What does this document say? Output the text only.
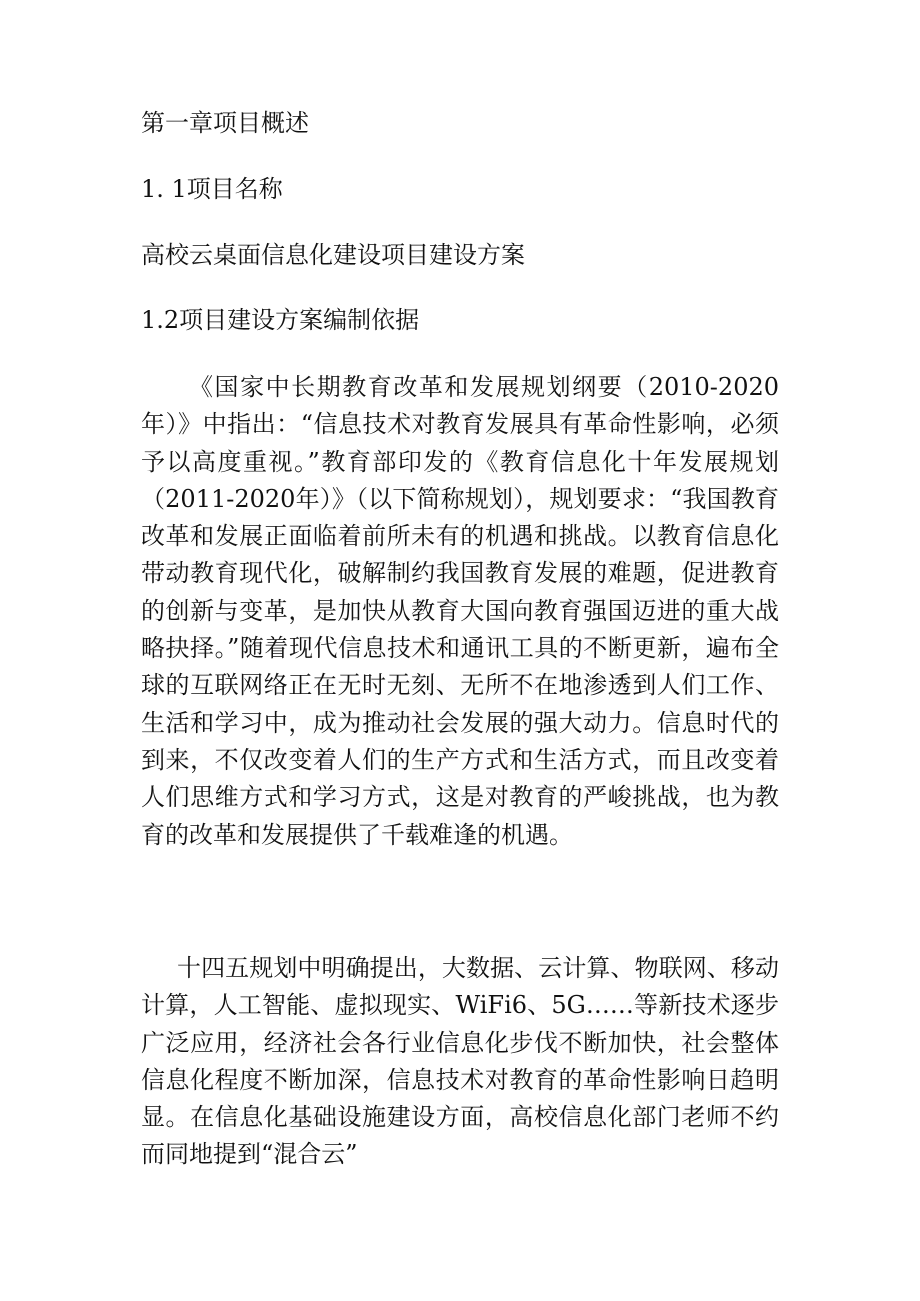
第一章项目概述
1. 1项目名称

高校云桌面信息化建设项目建设方案

1.2项目建设方案编制依据

《国家中长期教育改革和发展规划纲要（2010-2020年）》中指出：“信息技术对教育发展具有革命性影响，必须予以高度重视。”教育部印发的《教育信息化十年发展规划（2011-2020年）》（以下简称规划），规划要求：“我国教育改革和发展正面临着前所未有的机遇和挑战。以教育信息化带动教育现代化，破解制约我国教育发展的难题，促进教育的创新与变革，是加快从教育大国向教育强国迈进的重大战略抉择。”随着现代信息技术和通讯工具的不断更新，遍布全球的互联网络正在无时无刻、无所不在地渗透到人们工作、生活和学习中，成为推动社会发展的强大动力。信息时代的到来，不仅改变着人们的生产方式和生活方式，而且改变着人们思维方式和学习方式，这是对教育的严峻挑战，也为教育的改革和发展提供了千载难逢的机遇。

十四五规划中明确提出，大数据、云计算、物联网、移动计算，人工智能、虚拟现实、WiFi6、5G……等新技术逐步广泛应用，经济社会各行业信息化步伐不断加快，社会整体信息化程度不断加深，信息技术对教育的革命性影响日趋明显。在信息化基础设施建设方面，高校信息化部门老师不约而同地提到“混合云”
